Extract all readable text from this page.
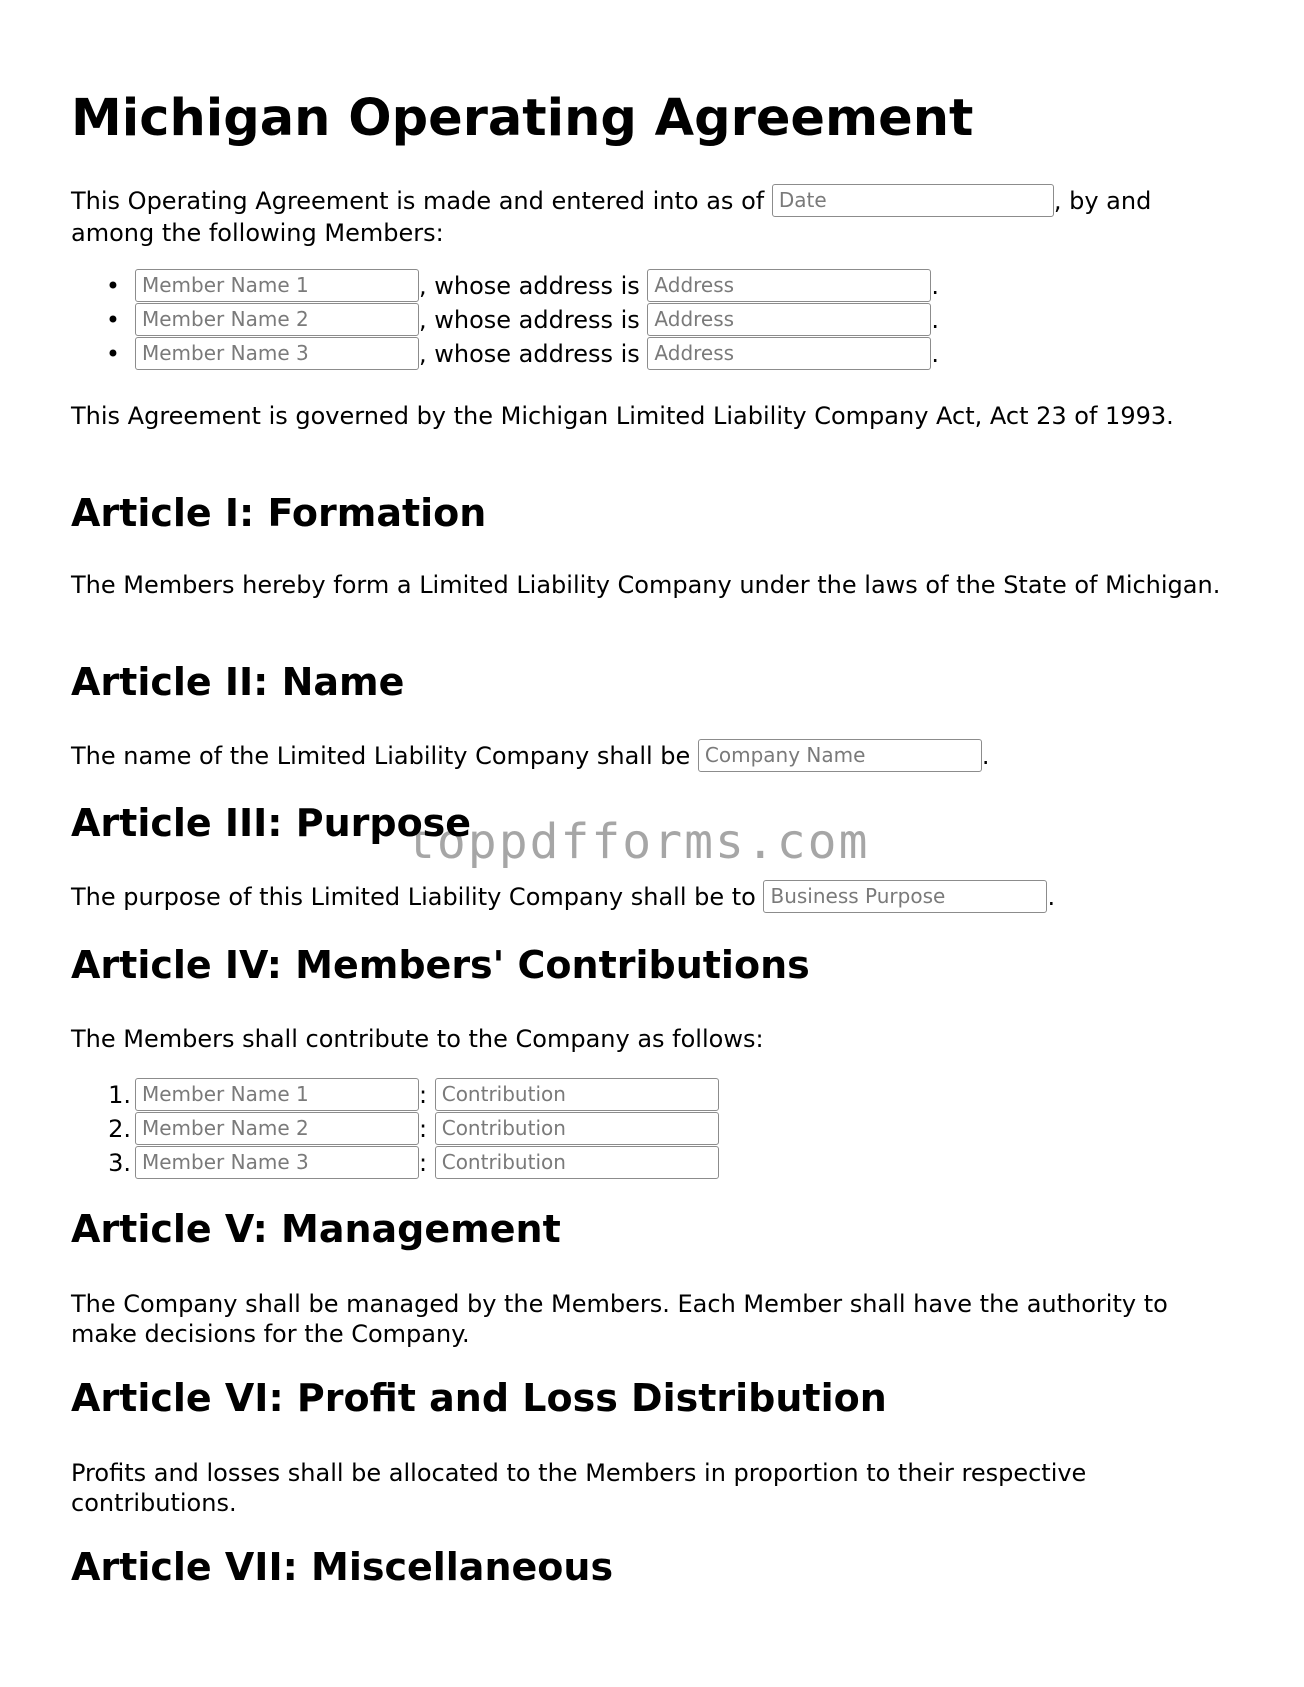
Michigan Operating Agreement
This Operating Agreement is made and entered into as of Date	, by and
among the following Members:
•
Member Name 1	, whose address is Address	.
•
Member Name 2	, whose address is Address	.
•
Member Name 3	, whose address is Address	.

This Agreement is governed by the Michigan Limited Liability Company Act, Act 23 of 1993.

Article I: Formation

The Members hereby form a Limited Liability Company under the laws of the State of Michigan.

Article II: Name
The name of the Limited Liability Company shall be Company Name	.
Article III: Purpose
The purpose of this Limited Liability Company shall be to Business Purpose	.
Article IV: Members' Contributions
The Members shall contribute to the Company as follows:
1.
Member Name 1	: Contribution
2.
Member Name 2	: Contribution
3.
Member Name 3	: Contribution
Article V: Management

The Company shall be managed by the Members. Each Member shall have the authority to make decisions for the Company.

Article VI: Profit and Loss Distribution

Profits and losses shall be allocated to the Members in proportion to their respective contributions.

Article VII: Miscellaneous
toppdfforms.com
